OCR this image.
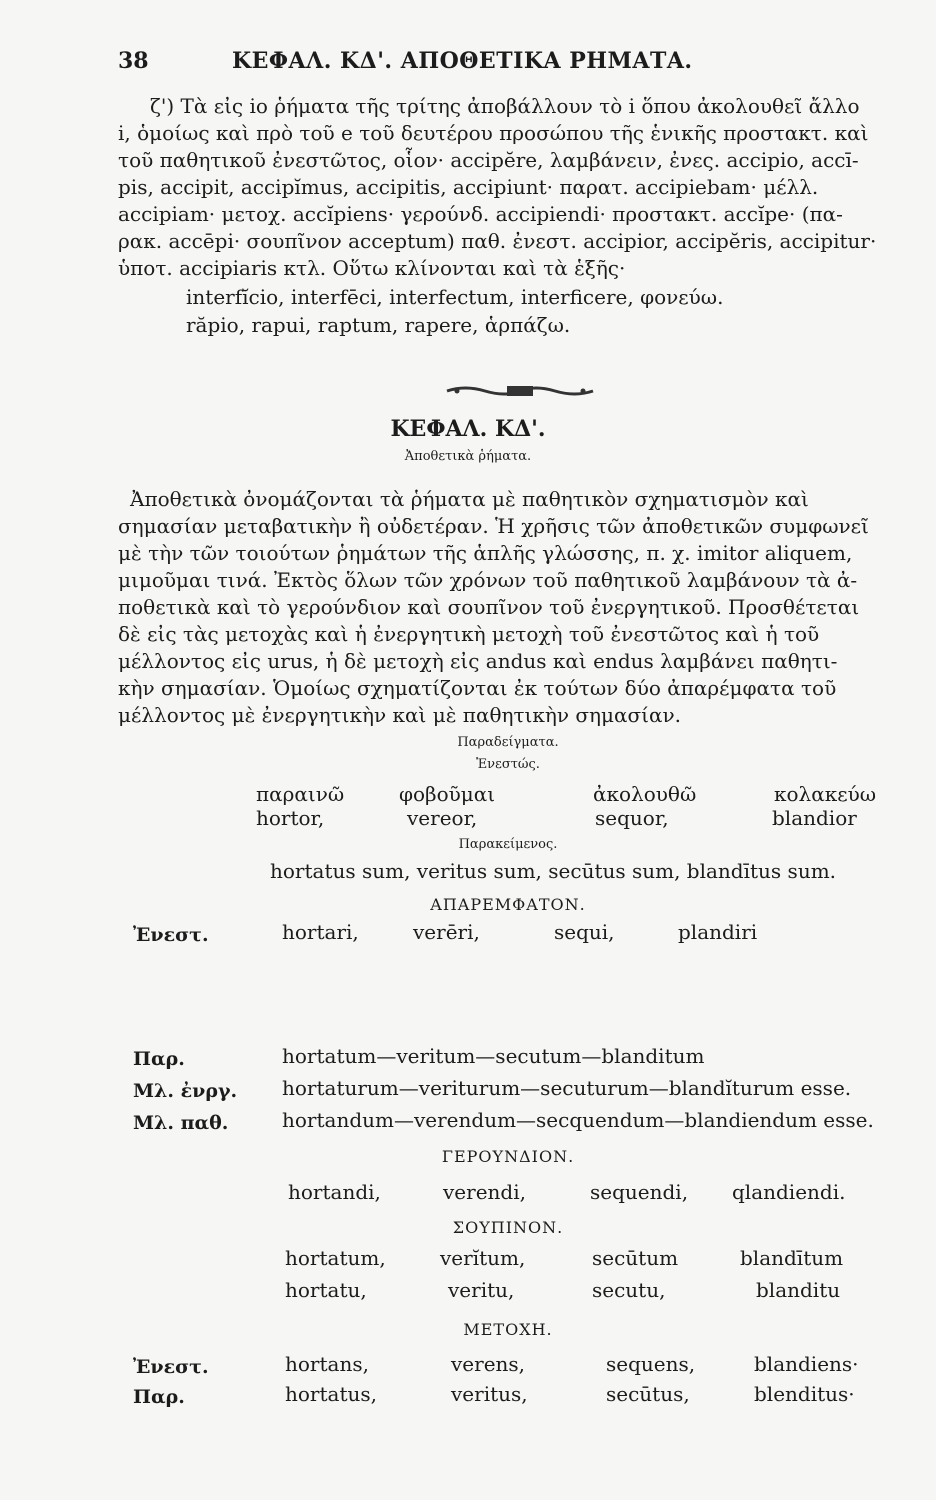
38	ΚΕΦΑΛ. ΚΔ'. ΑΠΟΘΕΤΙΚΑ ΡΗΜΑΤΑ.
ζ') Τὰ εἰς io ῥήματα τῆς τρίτης ἀποβάλλουν τὸ i ὅπου ἀκολουθεῖ ἄλλο
i, ὁμοίως καὶ πρὸ τοῦ e τοῦ δευτέρου προσώπου τῆς ἑνικῆς προστακτ. καὶ
τοῦ παθητικοῦ ἐνεστῶτος, οἷον· accipĕre, λαμβάνειν, ἐνες. accipio, accī-
pis, accipit, accipĭmus, accipitis, accipiunt· παρατ. accipiebam· μέλλ.
accipiam· μετοχ. accĭpiens· γερούνδ. accipiendi· προστακτ. accĭpe· (πα-
ρακ. accēpi· σουπῖνον acceptum) παθ. ἐνεστ. accipior, accipĕris, accipitur·
ὑποτ. accipiaris κτλ. Οὕτω κλίνονται καὶ τὰ ἑξῆς·
interfĭcio, interfēci, interfectum, interficere, φονεύω.
răpio, rapui, raptum, rapere, ἁρπάζω.
ΚΕΦΑΛ. ΚΔ'.
Ἀποθετικὰ ῥήματα.
Ἀποθετικὰ ὀνομάζονται τὰ ῥήματα μὲ παθητικὸν σχηματισμὸν καὶ
σημασίαν μεταβατικὴν ἢ οὐδετέραν. Ἡ χρῆσις τῶν ἀποθετικῶν συμφωνεῖ
μὲ τὴν τῶν τοιούτων ῥημάτων τῆς ἁπλῆς γλώσσης, π. χ. imitor aliquem,
μιμοῦμαι τινά. Ἐκτὸς ὅλων τῶν χρόνων τοῦ παθητικοῦ λαμβάνουν τὰ ἀ-
ποθετικὰ καὶ τὸ γερούνδιον καὶ σουπῖνον τοῦ ἐνεργητικοῦ. Προσθέτεται
δὲ εἰς τὰς μετοχὰς καὶ ἡ ἐνεργητικὴ μετοχὴ τοῦ ἐνεστῶτος καὶ ἡ τοῦ
μέλλοντος εἰς urus, ἡ δὲ μετοχὴ εἰς andus καὶ endus λαμβάνει παθητι-
κὴν σημασίαν. Ὁμοίως σχηματίζονται ἐκ τούτων δύο ἀπαρέμφατα τοῦ
μέλλοντος μὲ ἐνεργητικὴν καὶ μὲ παθητικὴν σημασίαν.
Παραδείγματα.
Ἐνεστώς.
παραινῶ	φοβοῦμαι	ἀκολουθῶ	κολακεύω
hortor,	vereor,	sequor,	blandior
Παρακείμενος.
hortatus sum, veritus sum, secūtus sum, blandītus sum.
ΑΠΑΡΕΜΦΑΤΟΝ.
Ἐνεστ.	hortari,	verēri,	sequi,	plandiri
Παρ.	hortatum—veritum—secutum—blanditum
Μλ. ἐνργ. hortaturum—veriturum—secuturum—blandĭturum esse.
Μλ. παθ.	hortandum—verendum—secquendum—blandiendum esse.
ΓΕΡΟΥΝΔΙΟΝ.
hortandi,	verendi,	sequendi, qlandiendi.
ΣΟΥΠΙΝΟΝ.
hortatum,	verĭtum,	secūtum	blandītum
hortatu,	veritu,	secutu,	blanditu
ΜΕΤΟΧΗ.
Ἐνεστ.	hortans,	verens,	sequens,	blandiens·
Παρ.	hortatus,	veritus,	secūtus,	blenditus·
